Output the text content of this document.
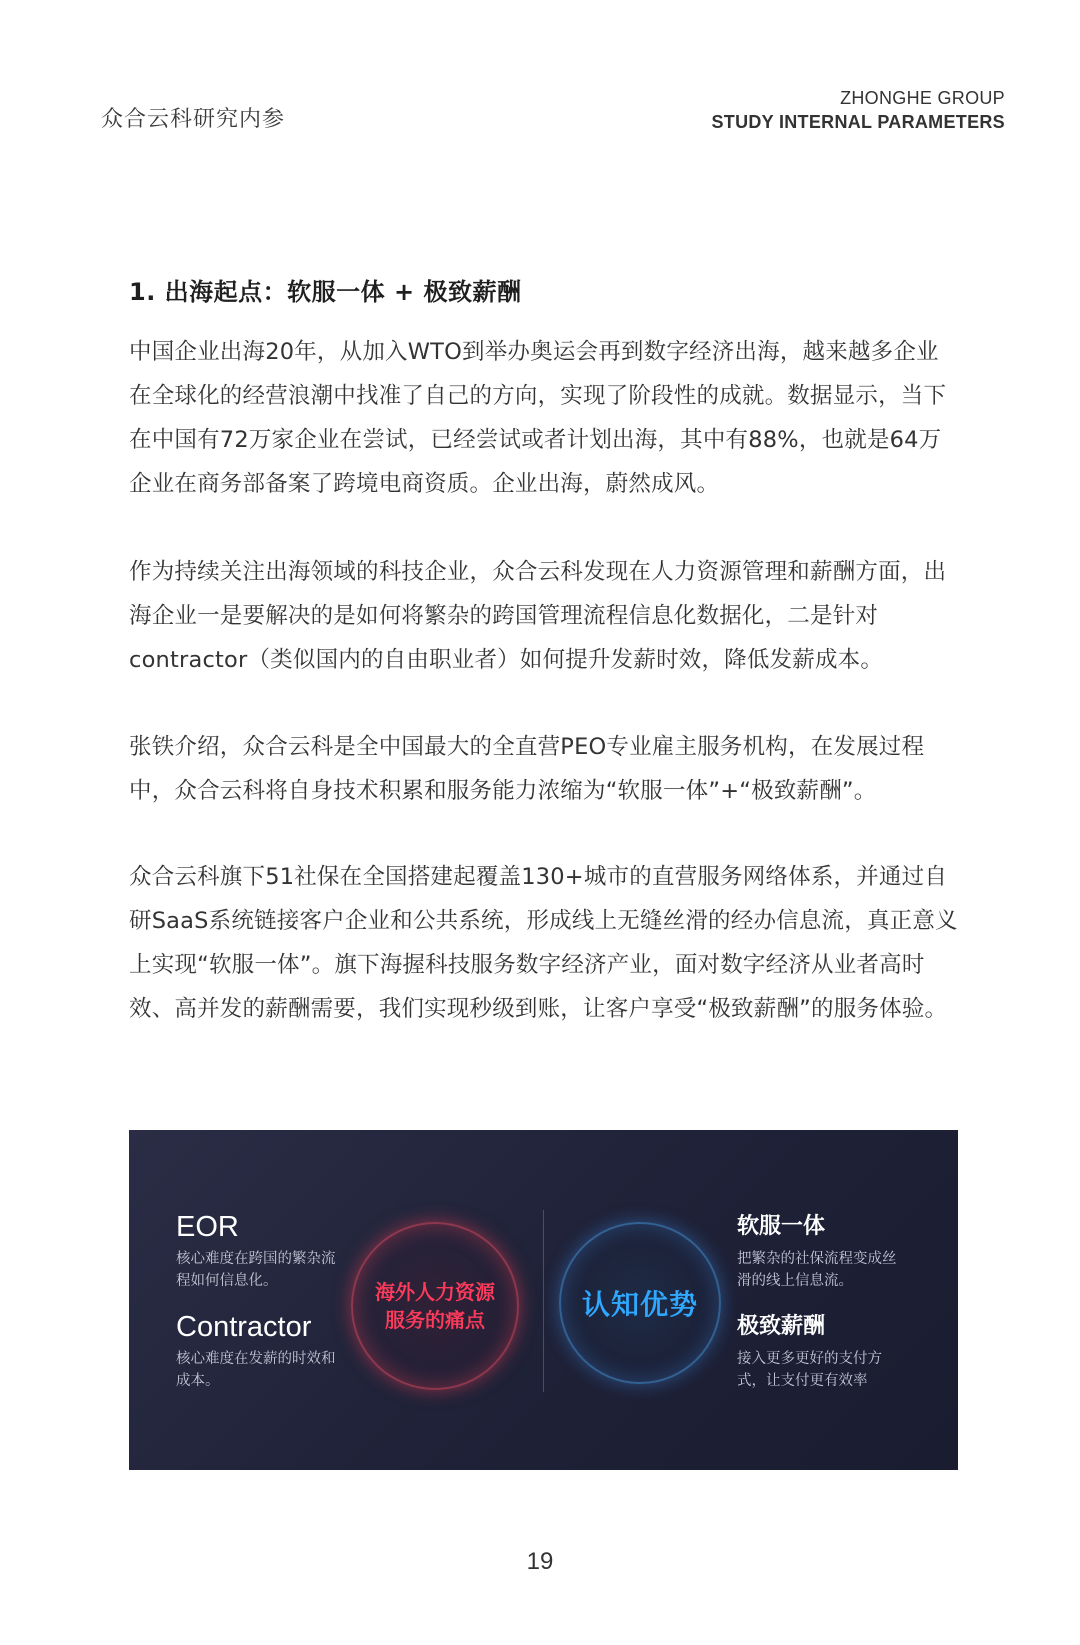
众合云科研究内参
ZHONGHE GROUP
STUDY INTERNAL PARAMETERS
1. 出海起点：软服一体 + 极致薪酬
中国企业出海20年，从加入WTO到举办奥运会再到数字经济出海，越来越多企业在全球化的经营浪潮中找准了自己的方向，实现了阶段性的成就。数据显示，当下在中国有72万家企业在尝试，已经尝试或者计划出海，其中有88%，也就是64万企业在商务部备案了跨境电商资质。企业出海，蔚然成风。
作为持续关注出海领域的科技企业，众合云科发现在人力资源管理和薪酬方面，出海企业一是要解决的是如何将繁杂的跨国管理流程信息化数据化，二是针对contractor（类似国内的自由职业者）如何提升发薪时效，降低发薪成本。
张铁介绍，众合云科是全中国最大的全直营PEO专业雇主服务机构，在发展过程中，众合云科将自身技术积累和服务能力浓缩为“软服一体”+“极致薪酬”。
众合云科旗下51社保在全国搭建起覆盖130+城市的直营服务网络体系，并通过自研SaaS系统链接客户企业和公共系统，形成线上无缝丝滑的经办信息流，真正意义上实现“软服一体”。旗下海握科技服务数字经济产业，面对数字经济从业者高时效、高并发的薪酬需要，我们实现秒级到账，让客户享受“极致薪酬”的服务体验。
EOR
核心难度在跨国的繁杂流程如何信息化。
Contractor
核心难度在发薪的时效和成本。
海外人力资源服务的痛点	认知优势
软服一体
把繁杂的社保流程变成丝滑的线上信息流。
极致薪酬
接入更多更好的支付方式，让支付更有效率
19
